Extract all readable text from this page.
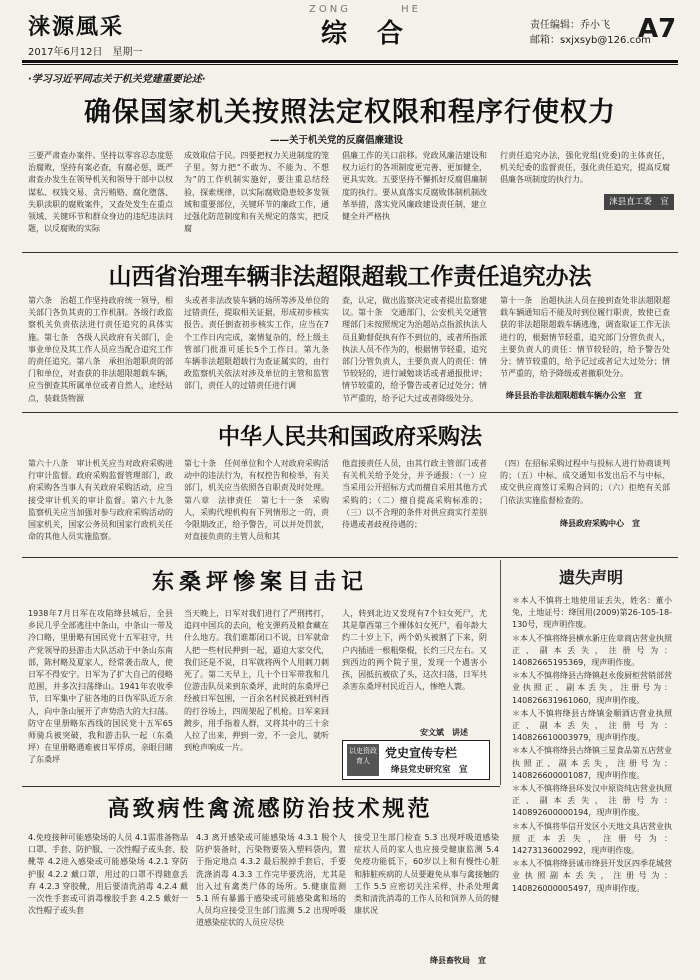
涞源風采
2017年6月12日　星期一
ZONG	HE
综合	责任编辑：乔小飞
邮箱：sxjxsyb@126.com
A7
·学习习近平同志关于机关党建重要论述·
确保国家机关按照法定权限和程序行使权力
——关于机关党的反腐倡廉建设
三要严肃查办案件。坚持以零容忍态度惩治腐败，坚持有案必查，有腐必惩，既严肃查办发生在领导机关和领导干部中以权谋私、权钱交易、贪污贿赂、腐化堕落、失职渎职的腐败案件，又查处发生在重点领域、关键环节和群众身边的违纪违法问题，以反腐败的实际
成效取信于民。四要把权力关进制度的笼子里。努力把“不敢为、不能为、不想为”的工作机制实施好，要注重总结经验，探索规律，以实际腐败隐患较多发领域和重要部位，关键环节的廉政工作，通过强化防范制度和有关规定的落实，把反腐
倡廉工作的关口前移。党政风廉洁建设和权力运行的各项制度更完善、更加健全，更具实效。五要坚持不懈抓好反腐倡廉制度的执行。要从真落实反腐败体制机制改革举措，落实党风廉政建设责任制，建立健全并严格执
行责任追究办法，强化党组(党委)的主体责任，机关纪委的监督责任，强化责任追究，提高反腐倡廉各项制度的执行力。
涞县直工委　宣
山西省治理车辆非法超限超载工作责任追究办法
第六条　治超工作坚持政府统一领导，相关部门各负其责的工作机制。各级行政监察机关负责依法进行责任追究的具体实施。第七条　各级人民政府有关部门，企事业单位及其工作人员应当配合追究工作的责任追究。第八条　承担治超职责的部门和单位，对查获的非法超限超载车辆，应当倒查其所属单位或者自然人，途经站点，装载货物源
头或者非法改装车辆的场所等涉及单位的过错责任，提取相关证据，形成初步核实报告。责任倒查初步核实工作，应当在7个工作日内完成，案情复杂的，经上级主管部门批准可延长5个工作日。第九条　车辆非法超限超载行为查证属实的，由行政监察机关依法对涉及单位的主管和监管部门，责任人的过错责任进行调
查，认定，做出监察决定或者提出监察建议。第十条　交通部门、公安机关交通管理部门未按照规定为治超站点指派执法人员且勤督促执有作不到位的，或者所指派执法人员不作为的，根据情节轻重，追究部门分管负责人，主要负责人的责任：情节较轻的，进行诫勉谈话或者通报批评；情节较重的，给予警告或者记过处分；情节严重的，给予记大过或者降级处分。
第十一条　治超执法人员在接到查处非法超限超载车辆通知后不能及时到位履行职责，致使已查获的非法超限超载车辆逃逸，调查取证工作无法进行的，根据情节轻重，追究部门分管负责人，主要负责人的责任：情节较轻的，给予警告处分；情节较重的，给予记过或者记大过处分；情节严重的，给予降级或者撤职处分。
绛县县治非法超限超载车辆办公室　宣
中华人民共和国政府采购法
第六十八条　审计机关应当对政府采购进行审计监督。政府采购监督管理部门，政府采购各当事人有关政府采购活动，应当接受审计机关的审计监督。第六十九条　监察机关应当加强对参与政府采购活动的国家机关，国家公务员和国家行政机关任命的其他人员实施监察。
第七十条　任何单位和个人对政府采购活动中的违法行为，有权控告和检举，有关部门，机关应当依照各自职责及时处理。第八章　法律责任　第七十一条　采购人，采购代理机构有下列情形之一的，责令限期改正，给予警告，可以并处罚款，对直接负责的主管人员和其
他直接责任人员，由其行政主管部门或者有关机关给予处分，并予通报：（一）应当采用公开招标方式而擅自采用其他方式采购的；（二）擅自提高采购标准的；（三）以不合理的条件对供应商实行差别待遇或者歧视待遇的；
（四）在招标采购过程中与投标人进行协商谈判的；（五）中标、成交通知书发出后不与中标、成交供应商签订采购合同的；（六）拒绝有关部门依法实施监督检查的。
绛县政府采购中心　宣
东桑坪惨案目击记
1938年7月日军在攻陷绛县城后，全县乡民几乎全部逃往中条山，中条山一带及冷口略，里册略有国民党十五军驻守，共产党领导的县游击大队活动于中条山东南部，陈村略及夏家人，经常袭击敌人，使日军不得安宁。日军为了扩大自己的侵略范围，并多次扫荡绛山。1941年农收季节，日军集中了驻各地的日伪军队近万余人，向中条山展开了声势浩大的大扫荡。防守在里册略东西线的国民党十五军65师骑兵被突破，我和游击队一起（东桑坪）在里册略遇难被日军俘虏，亲眼目睹了东桑坪
当天晚上，日军对我们进行了严刑拷打，追问中国兵的去向，枪支弹药及粮食藏在什么地方。我们谁都闭口不说，日军就命人把一些村民押到一起，逼迫大家交代，我们还是不说，日军就将两个人用刺刀刺死了。第二天早上，几十个日军带我和几位游击队员来到东桑坪，此时的东桑坪已经被日军包围，一百余名村民被赶到村西的打谷场上，四周架起了机枪。日军来回踱步，用手指着人群，又将其中的三十余人拉了出来，押到一旁，不一会儿，就听到枪声响成一片。
人，转到北边又发现有7个妇女死尸，尤其是靠西第三个裸体妇女死尸，看年龄大约二十岁上下，两个奶头被割了下来，阴户内插进一根粗柴棍，长约三尺左右。又到西边的两个院子里，发现一个遇害小孩，因抵抗被砍了头，这次扫荡，日军共杀害东桑坪村民近百人，惨绝人寰。
安文斌　讲述
以史资政育人
党史宣传专栏
绛县党史研究室　宣
遗失声明

＊本人不慎将土地使用证丢失，姓名：董小兔，土地证号：绛国用(2009)第26-105-18-130号，现声明作废。

＊本人不慎将绛县横水新庄佐章商店营业执照正、副本丢失，注册号为：14082665195369，现声明作废。

＊本人不慎将绛县古绛镇赵永俊厨柜营销部营业执照正、副本丢失，注册号为：140826631961060，现声明作废。

＊本人不慎将绛县古绛镇金顺酒店营业执照正、副本丢失，注册号为：140826610003979，现声明作废。

＊本人不慎将绛县古绛镇三星食品第五店营业执照正、副本丢失，注册号为：140826600001087，现声明作废。

＊本人不慎将绛县环发汉中原资纯店营业执照正、副本丢失，注册号为：140892600000194，现声明作废。

＊本人不慎将华信开发区小天地文具店营业执照正本丢失，注册号为：14273136002992，现声明作废。

＊本人不慎将绛县诚市绛县开发区四季花城营业执照副本丢失，注册号为：140826000005497，现声明作废。

高致病性禽流感防治技术规范
4.免疫接种可能感染场的人员 4.1需准备物品 口罩、手套、防护服、一次性帽子或头套、胶靴等 4.2进入感染或可能感染场 4.2.1 穿防护服 4.2.2 戴口罩，用过的口罩不得随意丢弃 4.2.3 穿胶靴，用后要清洗消毒 4.2.4 戴一次性手套或可消毒橡胶手套 4.2.5 戴好一次性帽子或头套
4.3 离开感染或可能感染场 4.3.1 脱个人防护装备时，污染物要装入塑料袋内，置于指定地点 4.3.2 最后脱掉手套后，手要洗涤消毒 4.3.3 工作完毕要洗浴，尤其是出入过有禽类尸体的场所。5.健康监测 5.1 所有暴露于感染或可能感染禽和场的人员均应接受卫生部门监测 5.2 出现呼吸道感染症状的人员应尽快
接受卫生部门检查 5.3 出现呼吸道感染症状人员的家人也应接受健康监测 5.4 免疫功能低下，60岁以上和有慢性心脏和肺脏疾病的人员要避免从事与禽接触的工作 5.5 应密切关注采样，扑杀处理禽类和清洗消毒的工作人员和饲养人员的健康状况
绛县畜牧局　宣
